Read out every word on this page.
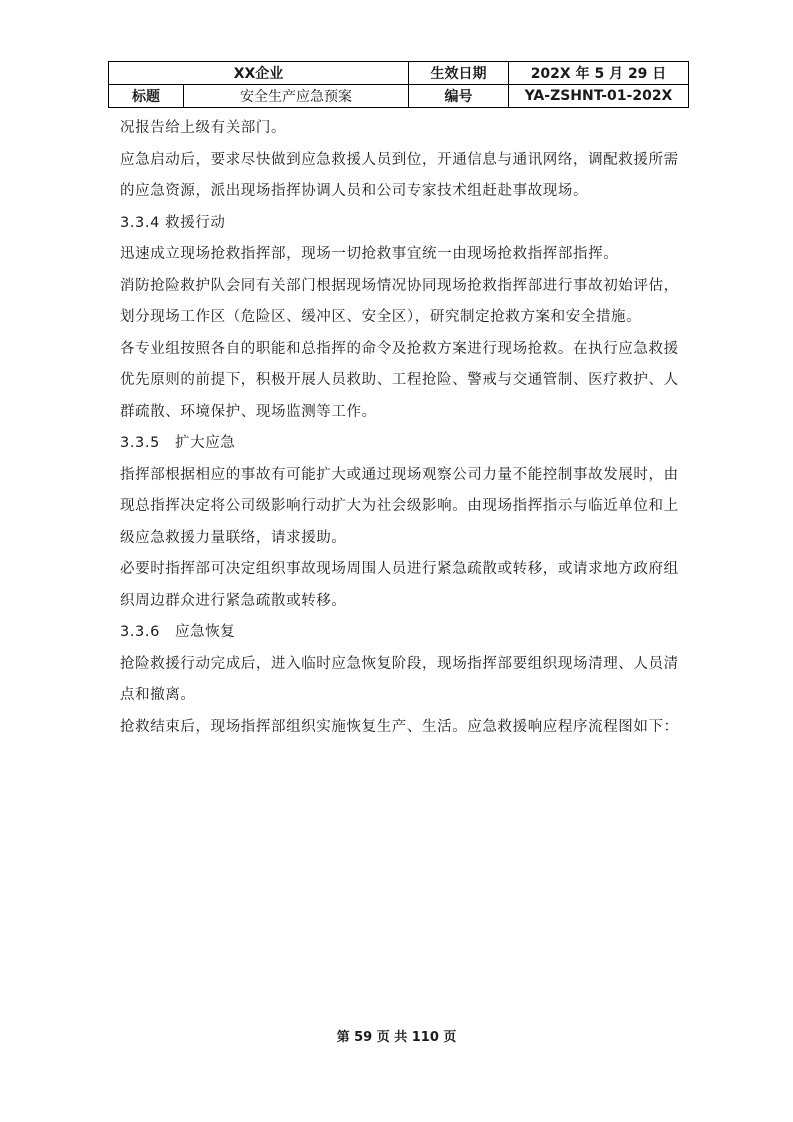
XX企业		生效日期	202X 年 5 月 29 日
标题	安全生产应急预案	编号	YA-ZSHNT-01-202X

况报告给上级有关部门。

应急启动后，要求尽快做到应急救援人员到位，开通信息与通讯网络，调配救援所需的应急资源，派出现场指挥协调人员和公司专家技术组赶赴事故现场。

3.3.4 救援行动

迅速成立现场抢救指挥部，现场一切抢救事宜统一由现场抢救指挥部指挥。

消防抢险救护队会同有关部门根据现场情况协同现场抢救指挥部进行事故初始评估，划分现场工作区（危险区、缓冲区、安全区），研究制定抢救方案和安全措施。

各专业组按照各自的职能和总指挥的命令及抢救方案进行现场抢救。在执行应急救援优先原则的前提下，积极开展人员救助、工程抢险、警戒与交通管制、医疗救护、人群疏散、环境保护、现场监测等工作。

3.3.5　扩大应急

指挥部根据相应的事故有可能扩大或通过现场观察公司力量不能控制事故发展时，由现总指挥决定将公司级影响行动扩大为社会级影响。由现场指挥指示与临近单位和上级应急救援力量联络，请求援助。

必要时指挥部可决定组织事故现场周围人员进行紧急疏散或转移，或请求地方政府组织周边群众进行紧急疏散或转移。

3.3.6　应急恢复

抢险救援行动完成后，进入临时应急恢复阶段，现场指挥部要组织现场清理、人员清点和撤离。

抢救结束后，现场指挥部组织实施恢复生产、生活。应急救援响应程序流程图如下：

第 59 页 共 110 页
